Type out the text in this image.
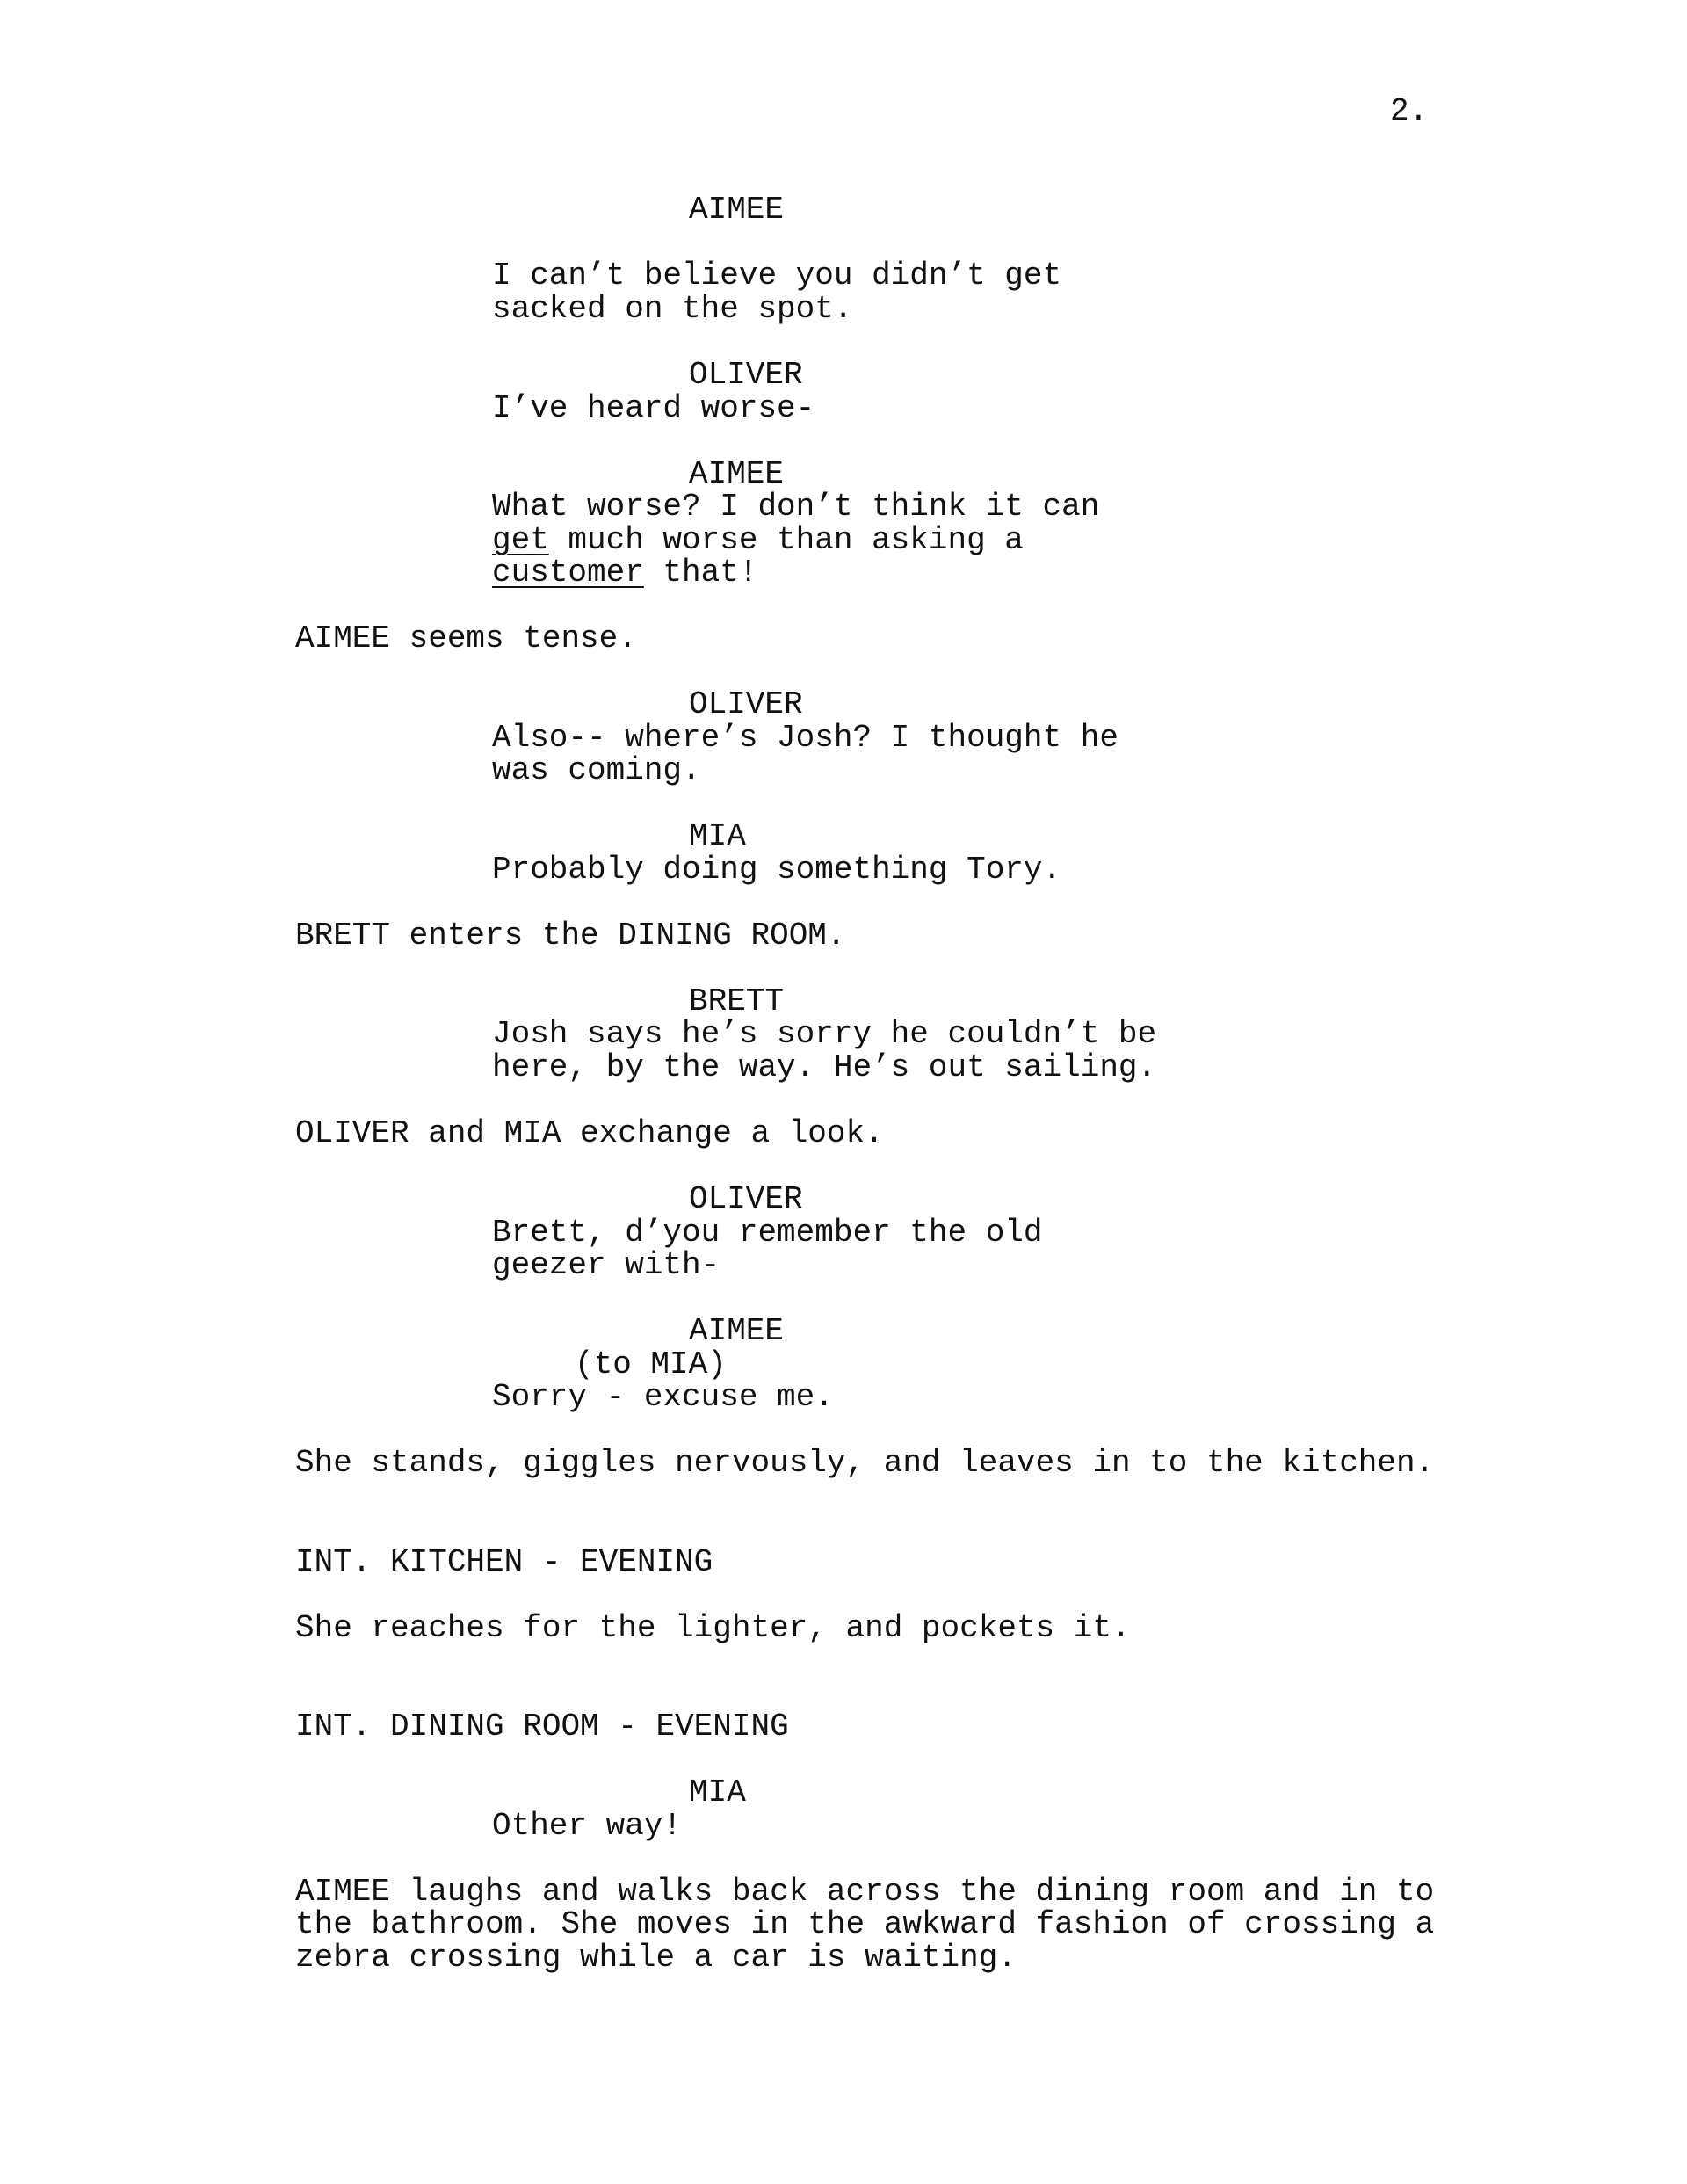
2.
AIMEE
I can’t believe you didn’t get
sacked on the spot.
OLIVER
I’ve heard worse-
AIMEE
What worse? I don’t think it can
get much worse than asking a
customer that!
AIMEE seems tense.
OLIVER
Also-- where’s Josh? I thought he
was coming.
MIA
Probably doing something Tory.
BRETT enters the DINING ROOM.
BRETT
Josh says he’s sorry he couldn’t be
here, by the way. He’s out sailing.
OLIVER and MIA exchange a look.
OLIVER
Brett, d’you remember the old
geezer with-
AIMEE
(to MIA)
Sorry - excuse me.
She stands, giggles nervously, and leaves in to the kitchen.
INT. KITCHEN - EVENING
She reaches for the lighter, and pockets it.
INT. DINING ROOM - EVENING
MIA
Other way!
AIMEE laughs and walks back across the dining room and in to
the bathroom. She moves in the awkward fashion of crossing a
zebra crossing while a car is waiting.
